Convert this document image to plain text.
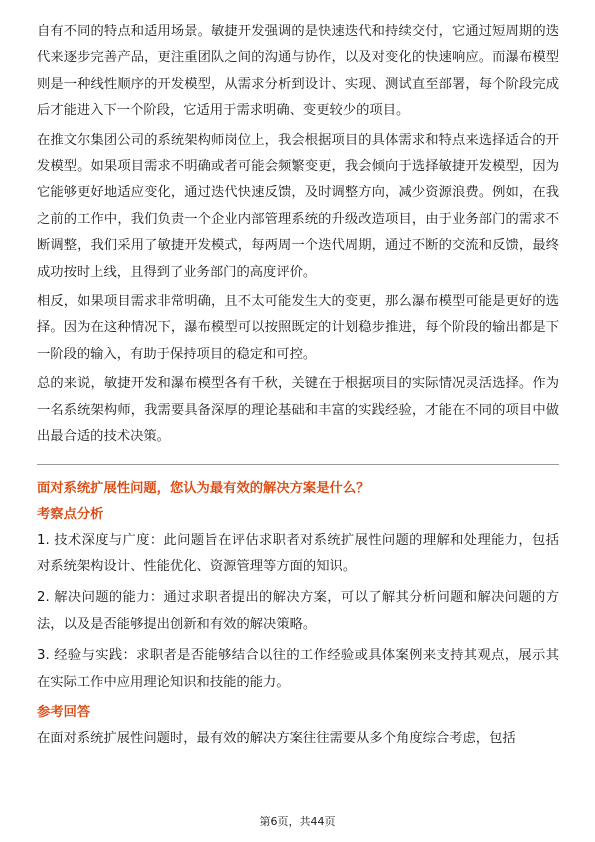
自有不同的特点和适用场景。敏捷开发强调的是快速迭代和持续交付，它通过短周期的迭代来逐步完善产品，更注重团队之间的沟通与协作，以及对变化的快速响应。而瀑布模型则是一种线性顺序的开发模型，从需求分析到设计、实现、测试直至部署，每个阶段完成后才能进入下一个阶段，它适用于需求明确、变更较少的项目。

在推文尔集团公司的系统架构师岗位上，我会根据项目的具体需求和特点来选择适合的开发模型。如果项目需求不明确或者可能会频繁变更，我会倾向于选择敏捷开发模型，因为它能够更好地适应变化，通过迭代快速反馈，及时调整方向，减少资源浪费。例如，在我之前的工作中，我们负责一个企业内部管理系统的升级改造项目，由于业务部门的需求不断调整，我们采用了敏捷开发模式，每两周一个迭代周期，通过不断的交流和反馈，最终成功按时上线，且得到了业务部门的高度评价。

相反，如果项目需求非常明确，且不太可能发生大的变更，那么瀑布模型可能是更好的选择。因为在这种情况下，瀑布模型可以按照既定的计划稳步推进，每个阶段的输出都是下一阶段的输入，有助于保持项目的稳定和可控。

总的来说，敏捷开发和瀑布模型各有千秋，关键在于根据项目的实际情况灵活选择。作为一名系统架构师，我需要具备深厚的理论基础和丰富的实践经验，才能在不同的项目中做出最合适的技术决策。

面对系统扩展性问题，您认为最有效的解决方案是什么？

考察点分析

1. 技术深度与广度：此问题旨在评估求职者对系统扩展性问题的理解和处理能力，包括对系统架构设计、性能优化、资源管理等方面的知识。

2. 解决问题的能力：通过求职者提出的解决方案，可以了解其分析问题和解决问题的方法，以及是否能够提出创新和有效的解决策略。

3. 经验与实践：求职者是否能够结合以往的工作经验或具体案例来支持其观点，展示其在实际工作中应用理论知识和技能的能力。

参考回答

在面对系统扩展性问题时，最有效的解决方案往往需要从多个角度综合考虑，包括

第6页，共44页
